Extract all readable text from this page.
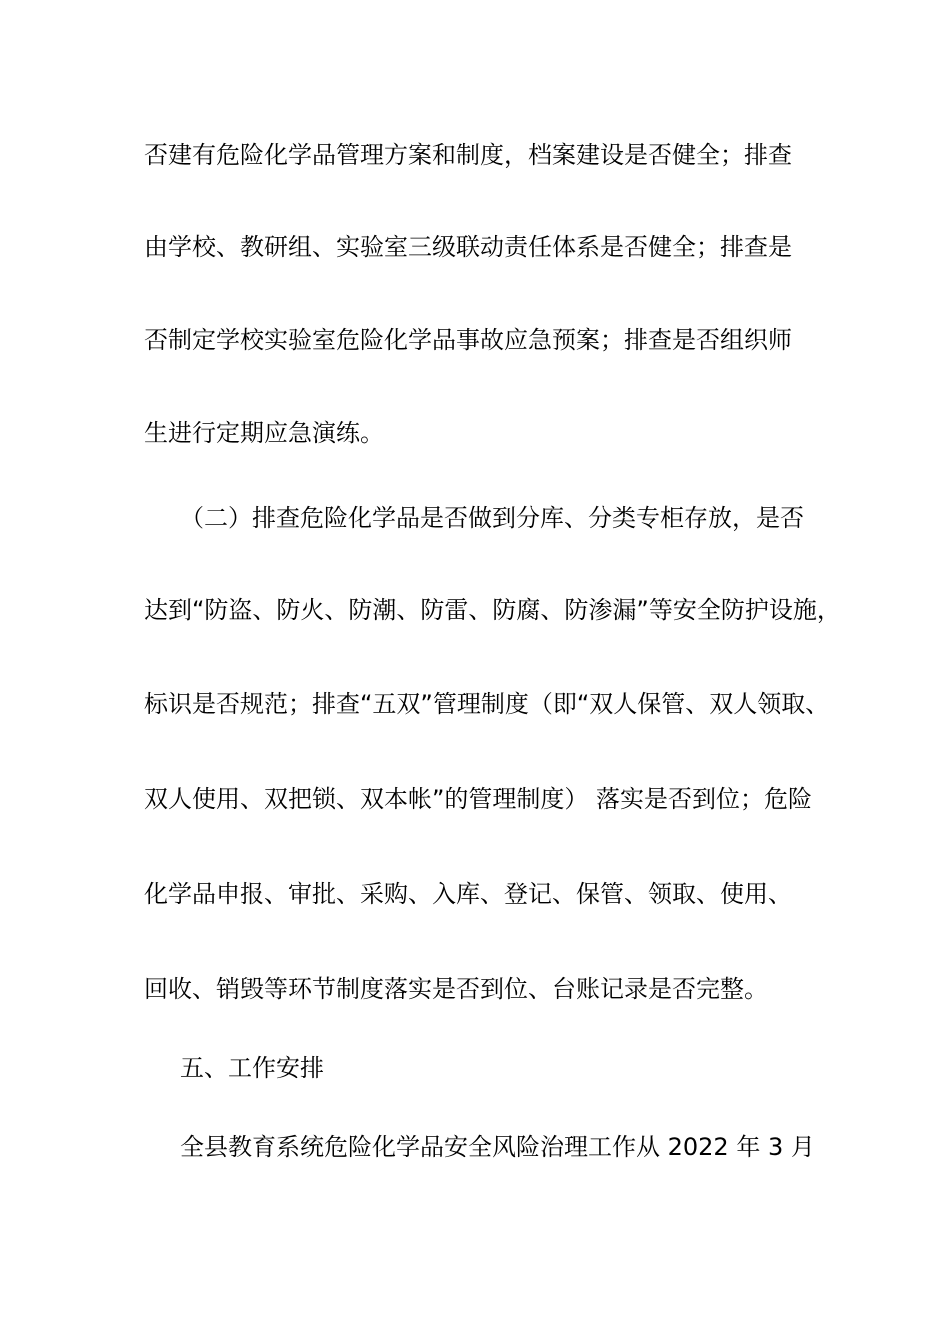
否建有危险化学品管理方案和制度，档案建设是否健全；排查
由学校、教研组、实验室三级联动责任体系是否健全；排查是
否制定学校实验室危险化学品事故应急预案；排查是否组织师
生进行定期应急演练。
（二）排查危险化学品是否做到分库、分类专柜存放，是否
达到“防盗、防火、防潮、防雷、防腐、防渗漏”等安全防护设施，
标识是否规范；排查“五双”管理制度（即“双人保管、双人领取、
双人使用、双把锁、双本帐”的管理制度） 落实是否到位；危险
化学品申报、审批、采购、入库、登记、保管、领取、使用、
回收、销毁等环节制度落实是否到位、台账记录是否完整。
五、工作安排
全县教育系统危险化学品安全风险治理工作从 2022 年 3 月
